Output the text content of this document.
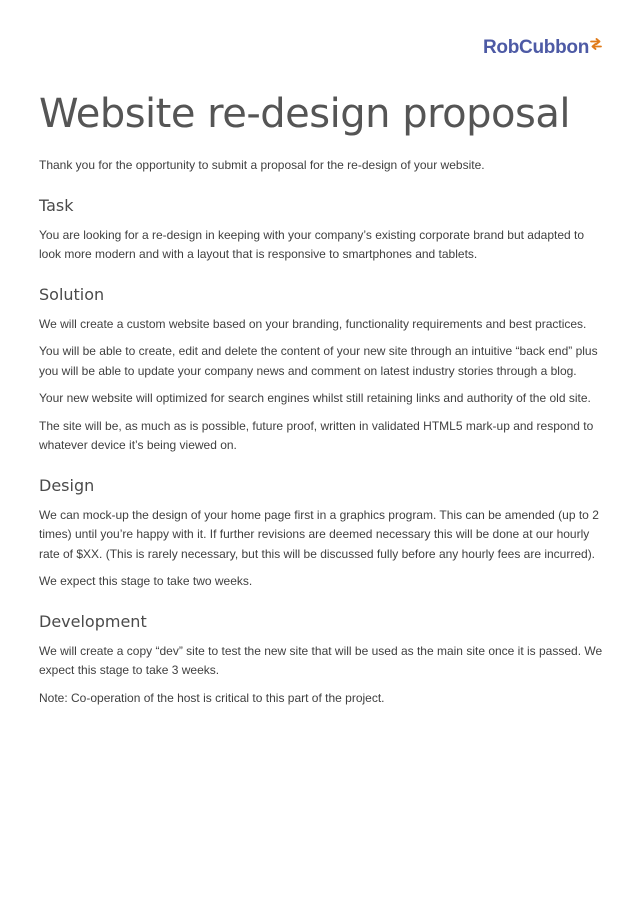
RobCubbon
Website re-design proposal

Thank you for the opportunity to submit a proposal for the re-design of your website.

Task

You are looking for a re-design in keeping with your company’s existing corporate brand but adapted to look more modern and with a layout that is responsive to smartphones and tablets.

Solution

We will create a custom website based on your branding, functionality requirements and best practices.

You will be able to create, edit and delete the content of your new site through an intuitive “back end” plus you will be able to update your company news and comment on latest industry stories through a blog.

Your new website will optimized for search engines whilst still retaining links and authority of the old site.

The site will be, as much as is possible, future proof, written in validated HTML5 mark-up and respond to whatever device it’s being viewed on.

Design

We can mock-up the design of your home page first in a graphics program. This can be amended (up to 2 times) until you’re happy with it. If further revisions are deemed necessary this will be done at our hourly rate of $XX. (This is rarely necessary, but this will be discussed fully before any hourly fees are incurred).

We expect this stage to take two weeks.

Development

We will create a copy “dev” site to test the new site that will be used as the main site once it is passed. We expect this stage to take 3 weeks.

Note: Co-operation of the host is critical to this part of the project.
